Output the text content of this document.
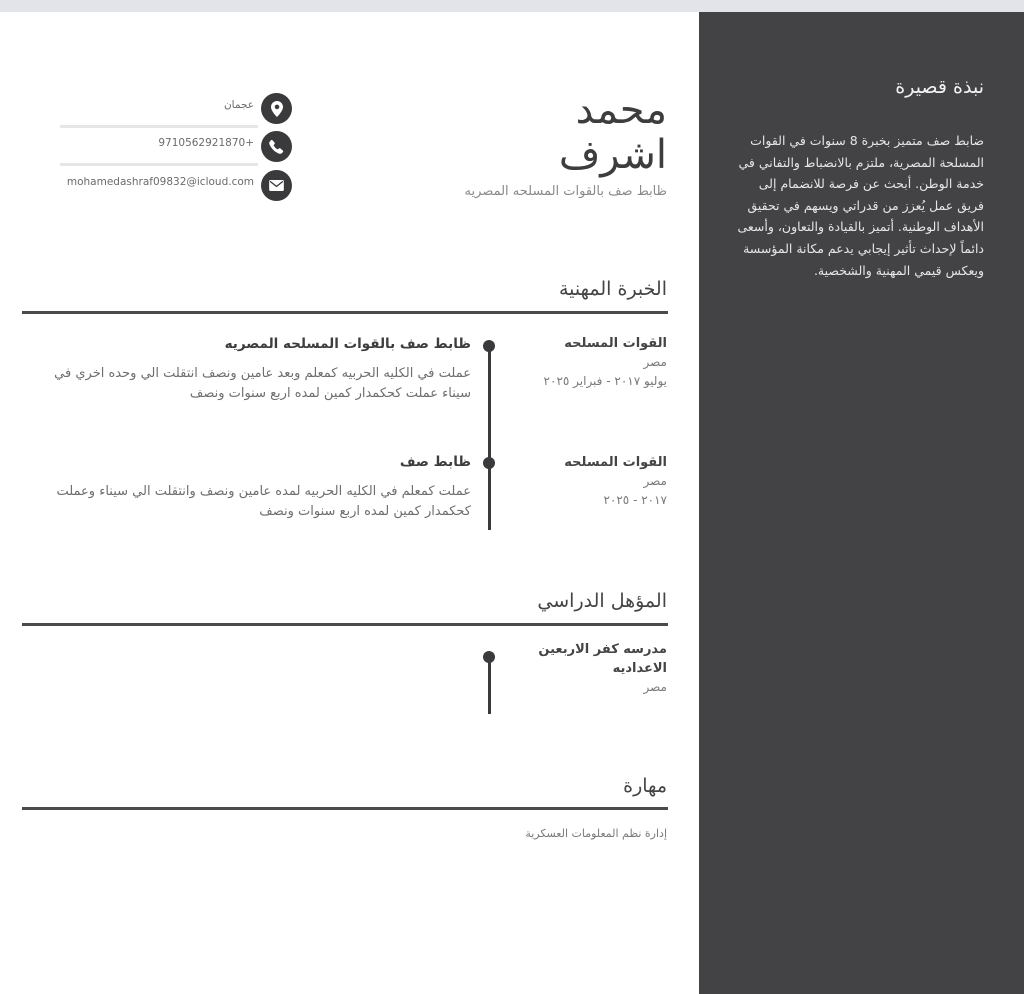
محمد
اشرف

ظابط صف بالقوات المسلحه المصريه

عجمان
9710562921870+
mohamedashraf09832@icloud.com
الخبرة المهنية

القوات المسلحه

مصر

يوليو ٢٠١٧ - فبراير ٢٠٢٥

ظابط صف بالقوات المسلحه المصريه

عملت في الكليه الحربيه كمعلم وبعد عامين ونصف انتقلت الي وحده اخري في سيناء عملت كحكمدار كمين لمده اربع سنوات ونصف

القوات المسلحه

مصر

٢٠١٧ - ٢٠٢٥

ظابط صف

عملت كمعلم في الكليه الحربيه لمده عامين ونصف وانتقلت الي سيناء وعملت كحكمدار كمين لمده اربع سنوات ونصف

المؤهل الدراسي

مدرسه كفر الاربعين الاعداديه

مصر

مهارة
إدارة نظم المعلومات العسكرية
نبذة قصيرة

ضابط صف متميز بخبرة 8 سنوات في القوات المسلحة المصرية، ملتزم بالانضباط والتفاني في خدمة الوطن. أبحث عن فرصة للانضمام إلى فريق عمل يُعزز من قدراتي ويسهم في تحقيق الأهداف الوطنية. أتميز بالقيادة والتعاون، وأسعى دائماً لإحداث تأثير إيجابي يدعم مكانة المؤسسة ويعكس قيمي المهنية والشخصية.
